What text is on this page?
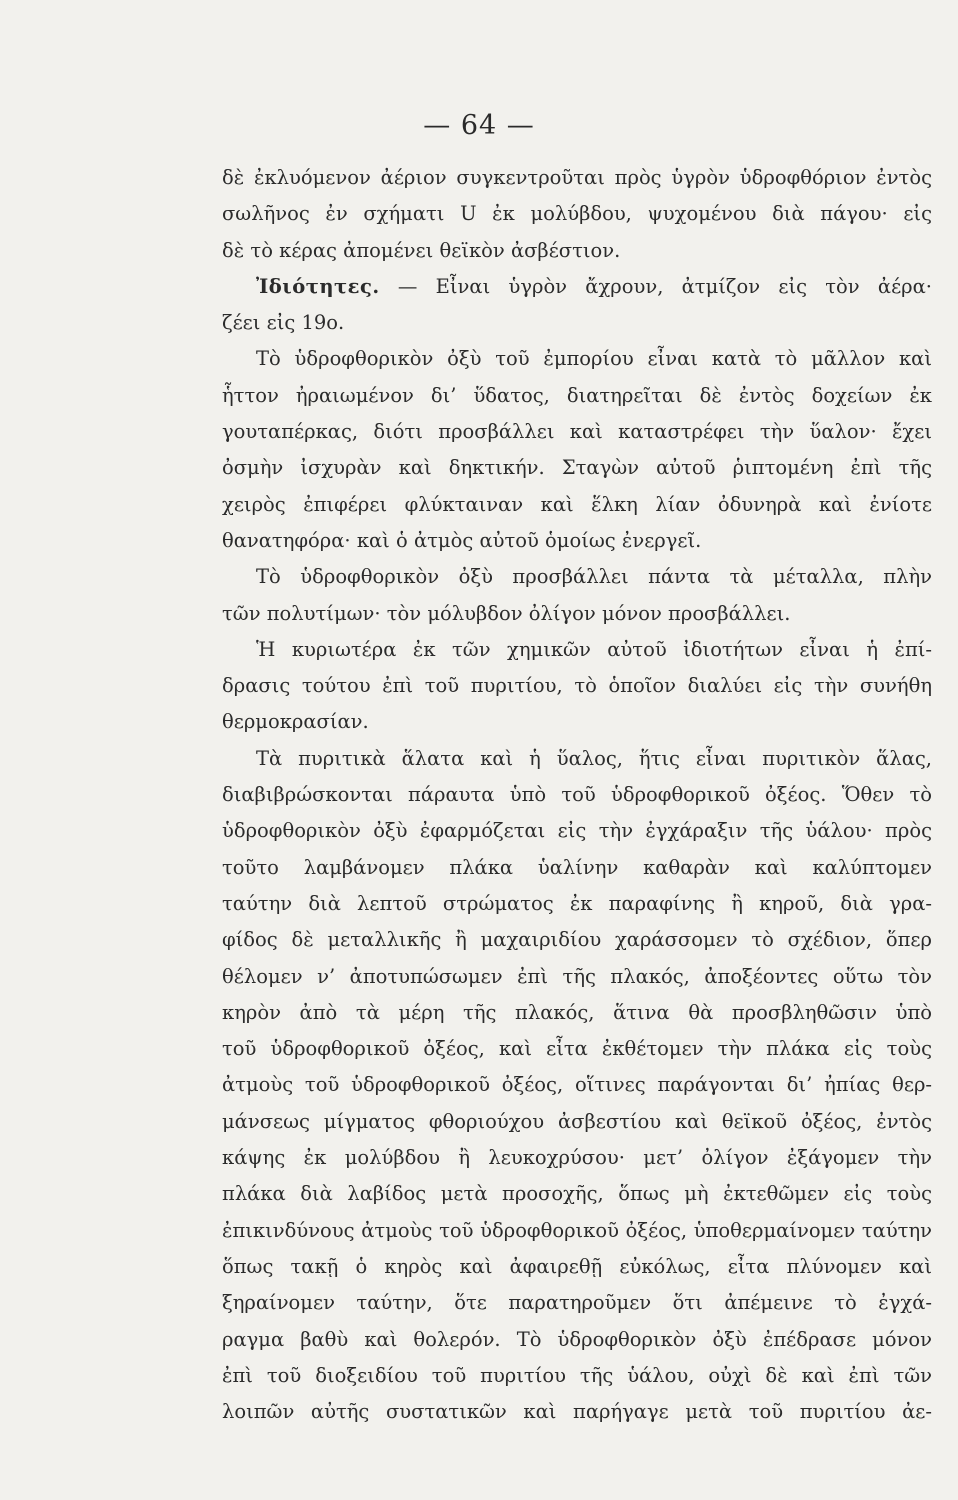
— 64 —
δὲ ἐκλυόμενον ἀέριον συγκεντροῦται πρὸς ὑγρὸν ὑδροφθόριον ἐντὸς
σωλῆνος ἐν σχήματι U ἐκ μολύβδου, ψυχομένου διὰ πάγου· εἰς
δὲ τὸ κέρας ἀπομένει θεϊκὸν ἀσβέστιον.
Ἰδιότητες. — Εἶναι ὑγρὸν ἄχρουν, ἀτμίζον εἰς τὸν ἀέρα·
ζέει εἰς 19ο.
Τὸ ὑδροφθορικὸν ὀξὺ τοῦ ἐμπορίου εἶναι κατὰ τὸ μᾶλλον καὶ
ἧττον ἠραιωμένον δι’ ὕδατος, διατηρεῖται δὲ ἐντὸς δοχείων ἐκ
γουταπέρκας, διότι προσβάλλει καὶ καταστρέφει τὴν ὕαλον· ἔχει
ὀσμὴν ἰσχυρὰν καὶ δηκτικήν. Σταγὼν αὐτοῦ ῥιπτομένη ἐπὶ τῆς
χειρὸς ἐπιφέρει φλύκταιναν καὶ ἕλκη λίαν ὀδυνηρὰ καὶ ἐνίοτε
θανατηφόρα· καὶ ὁ ἀτμὸς αὐτοῦ ὁμοίως ἐνεργεῖ.
Τὸ ὑδροφθορικὸν ὀξὺ προσβάλλει πάντα τὰ μέταλλα, πλὴν
τῶν πολυτίμων· τὸν μόλυβδον ὀλίγον μόνον προσβάλλει.
Ἡ κυριωτέρα ἐκ τῶν χημικῶν αὐτοῦ ἰδιοτήτων εἶναι ἡ ἐπί-
δρασις τούτου ἐπὶ τοῦ πυριτίου, τὸ ὁποῖον διαλύει εἰς τὴν συνήθη
θερμοκρασίαν.
Τὰ πυριτικὰ ἅλατα καὶ ἡ ὕαλος, ἥτις εἶναι πυριτικὸν ἅλας,
διαβιβρώσκονται πάραυτα ὑπὸ τοῦ ὑδροφθορικοῦ ὀξέος. Ὅθεν τὸ
ὑδροφθορικὸν ὀξὺ ἐφαρμόζεται εἰς τὴν ἐγχάραξιν τῆς ὑάλου· πρὸς
τοῦτο λαμβάνομεν πλάκα ὑαλίνην καθαρὰν καὶ καλύπτομεν
ταύτην διὰ λεπτοῦ στρώματος ἐκ παραφίνης ἢ κηροῦ, διὰ γρα-
φίδος δὲ μεταλλικῆς ἢ μαχαιριδίου χαράσσομεν τὸ σχέδιον, ὅπερ
θέλομεν ν’ ἀποτυπώσωμεν ἐπὶ τῆς πλακός, ἀποξέοντες οὕτω τὸν
κηρὸν ἀπὸ τὰ μέρη τῆς πλακός, ἅτινα θὰ προσβληθῶσιν ὑπὸ
τοῦ ὑδροφθορικοῦ ὀξέος, καὶ εἶτα ἐκθέτομεν τὴν πλάκα εἰς τοὺς
ἀτμοὺς τοῦ ὑδροφθορικοῦ ὀξέος, οἵτινες παράγονται δι’ ἠπίας θερ-
μάνσεως μίγματος φθοριούχου ἀσβεστίου καὶ θεϊκοῦ ὀξέος, ἐντὸς
κάψης ἐκ μολύβδου ἢ λευκοχρύσου· μετ’ ὀλίγον ἐξάγομεν τὴν
πλάκα διὰ λαβίδος μετὰ προσοχῆς, ὅπως μὴ ἐκτεθῶμεν εἰς τοὺς
ἐπικινδύνους ἀτμοὺς τοῦ ὑδροφθορικοῦ ὀξέος, ὑποθερμαίνομεν ταύτην
ὅπως τακῇ ὁ κηρὸς καὶ ἀφαιρεθῇ εὐκόλως, εἶτα πλύνομεν καὶ
ξηραίνομεν ταύτην, ὅτε παρατηροῦμεν ὅτι ἀπέμεινε τὸ ἐγχά-
ραγμα βαθὺ καὶ θολερόν. Τὸ ὑδροφθορικὸν ὀξὺ ἐπέδρασε μόνον
ἐπὶ τοῦ διοξειδίου τοῦ πυριτίου τῆς ὑάλου, οὐχὶ δὲ καὶ ἐπὶ τῶν
λοιπῶν αὐτῆς συστατικῶν καὶ παρήγαγε μετὰ τοῦ πυριτίου ἀε-
